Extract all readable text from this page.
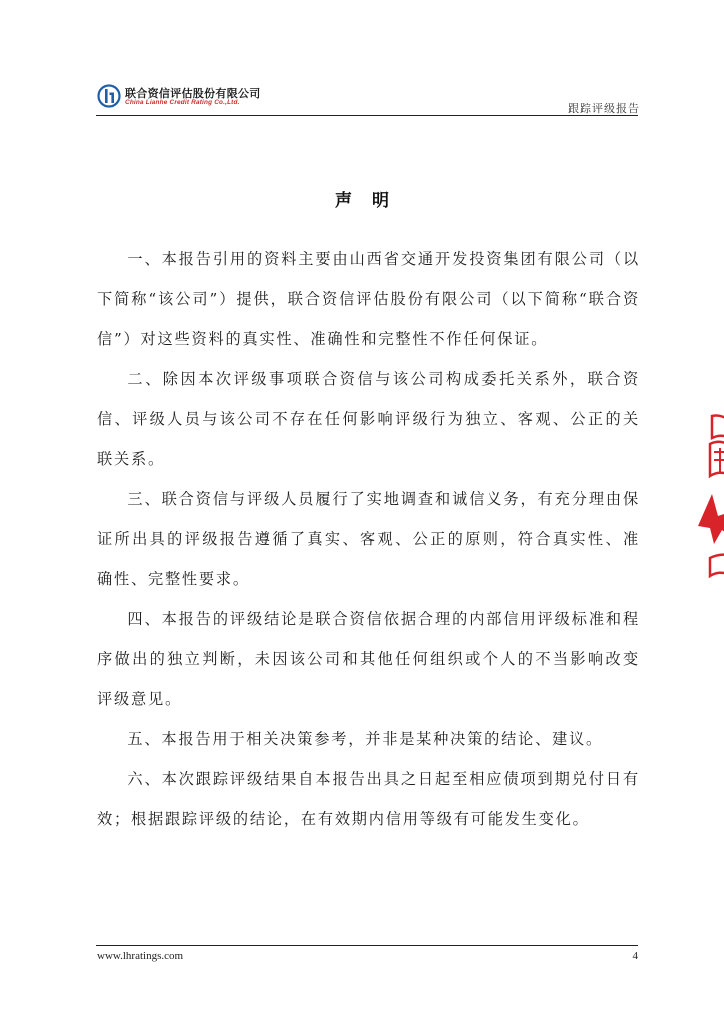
联合资信评估股份有限公司
China Lianhe Credit Rating Co.,Ltd.	跟踪评级报告
声明

一、本报告引用的资料主要由山西省交通开发投资集团有限公司（以下简称“该公司”）提供，联合资信评估股份有限公司（以下简称“联合资信”）对这些资料的真实性、准确性和完整性不作任何保证。

二、除因本次评级事项联合资信与该公司构成委托关系外，联合资信、评级人员与该公司不存在任何影响评级行为独立、客观、公正的关联关系。

三、联合资信与评级人员履行了实地调查和诚信义务，有充分理由保证所出具的评级报告遵循了真实、客观、公正的原则，符合真实性、准确性、完整性要求。

四、本报告的评级结论是联合资信依据合理的内部信用评级标准和程序做出的独立判断，未因该公司和其他任何组织或个人的不当影响改变评级意见。

五、本报告用于相关决策参考，并非是某种决策的结论、建议。

六、本次跟踪评级结果自本报告出具之日起至相应债项到期兑付日有效；根据跟踪评级的结论，在有效期内信用等级有可能发生变化。

www.lhratings.com	4
